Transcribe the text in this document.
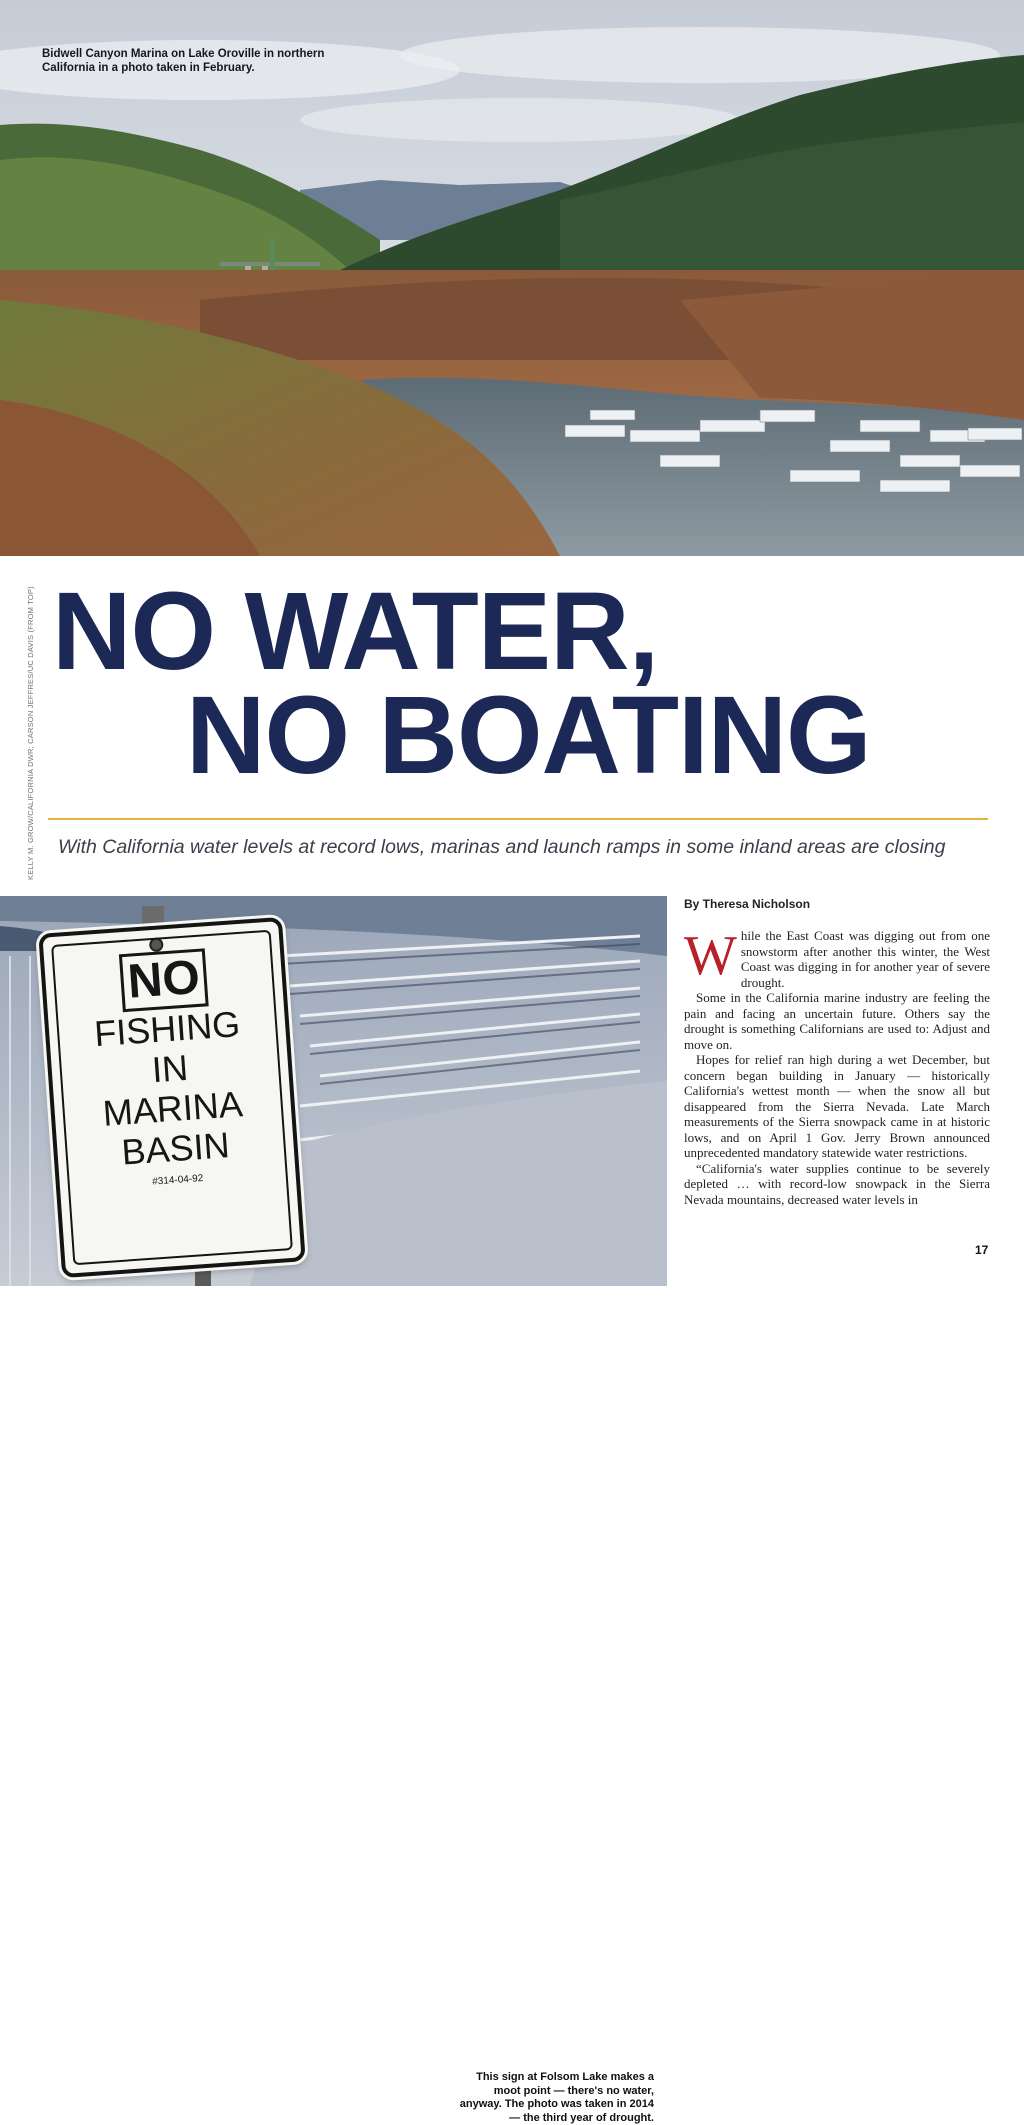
Bidwell Canyon Marina on Lake Oroville in northern California in a photo taken in February.
KELLY M. GROW/CALIFORNIA DWR; CARSON JEFFRES/UC DAVIS (FROM TOP) NO WATER,
NO BOATING
With California water levels at record lows, marinas and launch ramps in some inland areas are closing
This sign at Folsom Lake makes a moot point — there's no water, anyway. The photo was taken in 2014 — the third year of drought.
NO
FISHING
IN
MARINA
BASIN
#314-04-92
By Theresa Nicholson

While the East Coast was digging out from one snowstorm after another this winter, the West Coast was digging in for another year of severe drought.

Some in the California marine industry are feeling the pain and facing an uncertain future. Others say the drought is something Californians are used to: Adjust and move on.

Hopes for relief ran high during a wet December, but concern began building in January — historically California's wettest month — when the snow all but disappeared from the Sierra Nevada. Late March measurements of the Sierra snowpack came in at historic lows, and on April 1 Gov. Jerry Brown announced unprecedented mandatory statewide water restrictions.

“California's water supplies continue to be severely depleted … with record-low snowpack in the Sierra Nevada mountains, decreased water levels in

17
